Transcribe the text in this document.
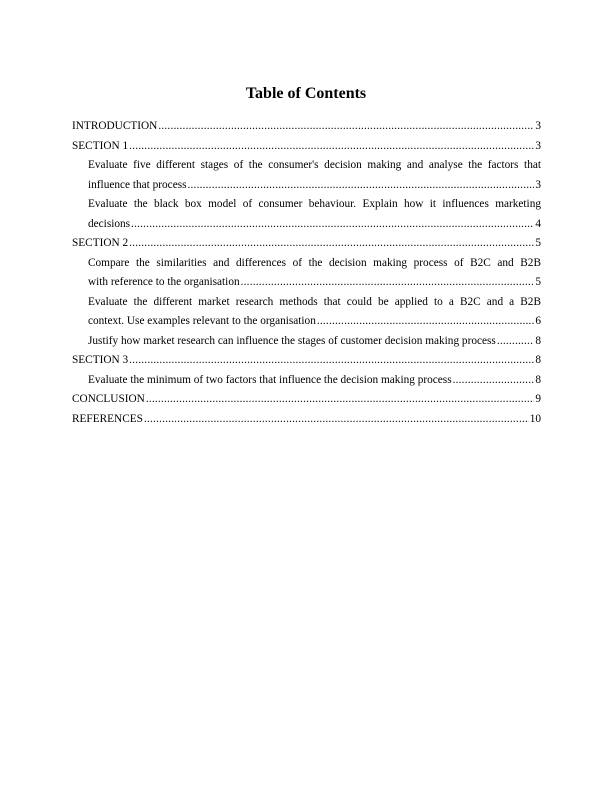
Table of Contents
INTRODUCTION .....	3
SECTION 1 .....	3
Evaluate five different stages of the consumer's decision making and analyse the factors that
influence that process .....	3
Evaluate the black box model of consumer behaviour. Explain how it influences marketing
decisions .....	4
SECTION 2 .....	5
Compare the similarities and differences of the decision making process of B2C and B2B
with reference to the organisation .....	5
Evaluate the different market research methods that could be applied to a B2C and a B2B
context. Use examples relevant to the organisation .....	6
Justify how market research can influence the stages of customer decision making process .....	8
SECTION 3 .....	8
Evaluate the minimum of two factors that influence the decision making process .....	8
CONCLUSION .....	9
REFERENCES .....	10
